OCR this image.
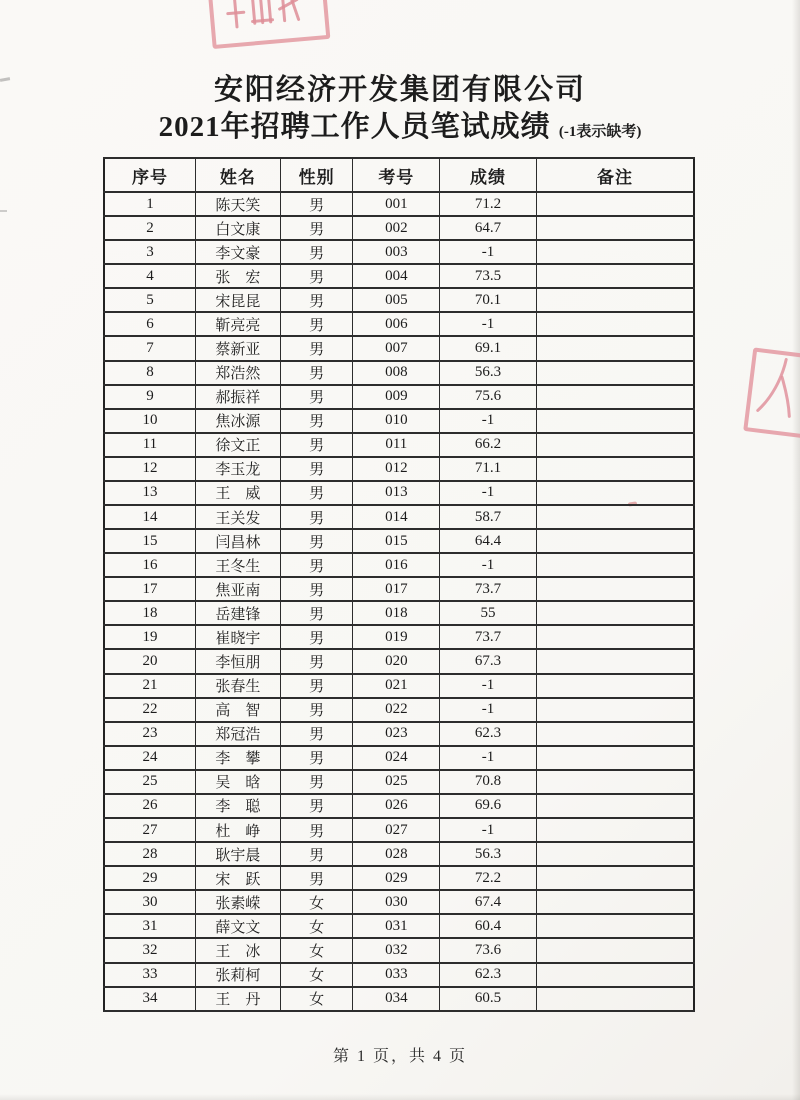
安阳经济开发集团有限公司
2021年招聘工作人员笔试成绩 (-1表示缺考)
序号	姓名	性别	考号	成绩	备注
1	陈天笑	男	001	71.2	
2	白文康	男	002	64.7	
3	李文豪	男	003	-1	
4	张　宏	男	004	73.5	
5	宋昆昆	男	005	70.1	
6	靳亮亮	男	006	-1	
7	蔡新亚	男	007	69.1	
8	郑浩然	男	008	56.3	
9	郝振祥	男	009	75.6	
10	焦冰源	男	010	-1	
11	徐文正	男	011	66.2	
12	李玉龙	男	012	71.1	
13	王　威	男	013	-1	
14	王关发	男	014	58.7	
15	闫昌林	男	015	64.4	
16	王冬生	男	016	-1	
17	焦亚南	男	017	73.7	
18	岳建锋	男	018	55	
19	崔晓宇	男	019	73.7	
20	李恒朋	男	020	67.3	
21	张春生	男	021	-1	
22	高　智	男	022	-1	
23	郑冠浩	男	023	62.3	
24	李　攀	男	024	-1	
25	吴　晗	男	025	70.8	
26	李　聪	男	026	69.6	
27	杜　峥	男	027	-1	
28	耿宇晨	男	028	56.3	
29	宋　跃	男	029	72.2	
30	张素嵘	女	030	67.4	
31	薛文文	女	031	60.4	
32	王　冰	女	032	73.6	
33	张莉柯	女	033	62.3	
34	王　丹	女	034	60.5	
第 1 页，共 4 页
